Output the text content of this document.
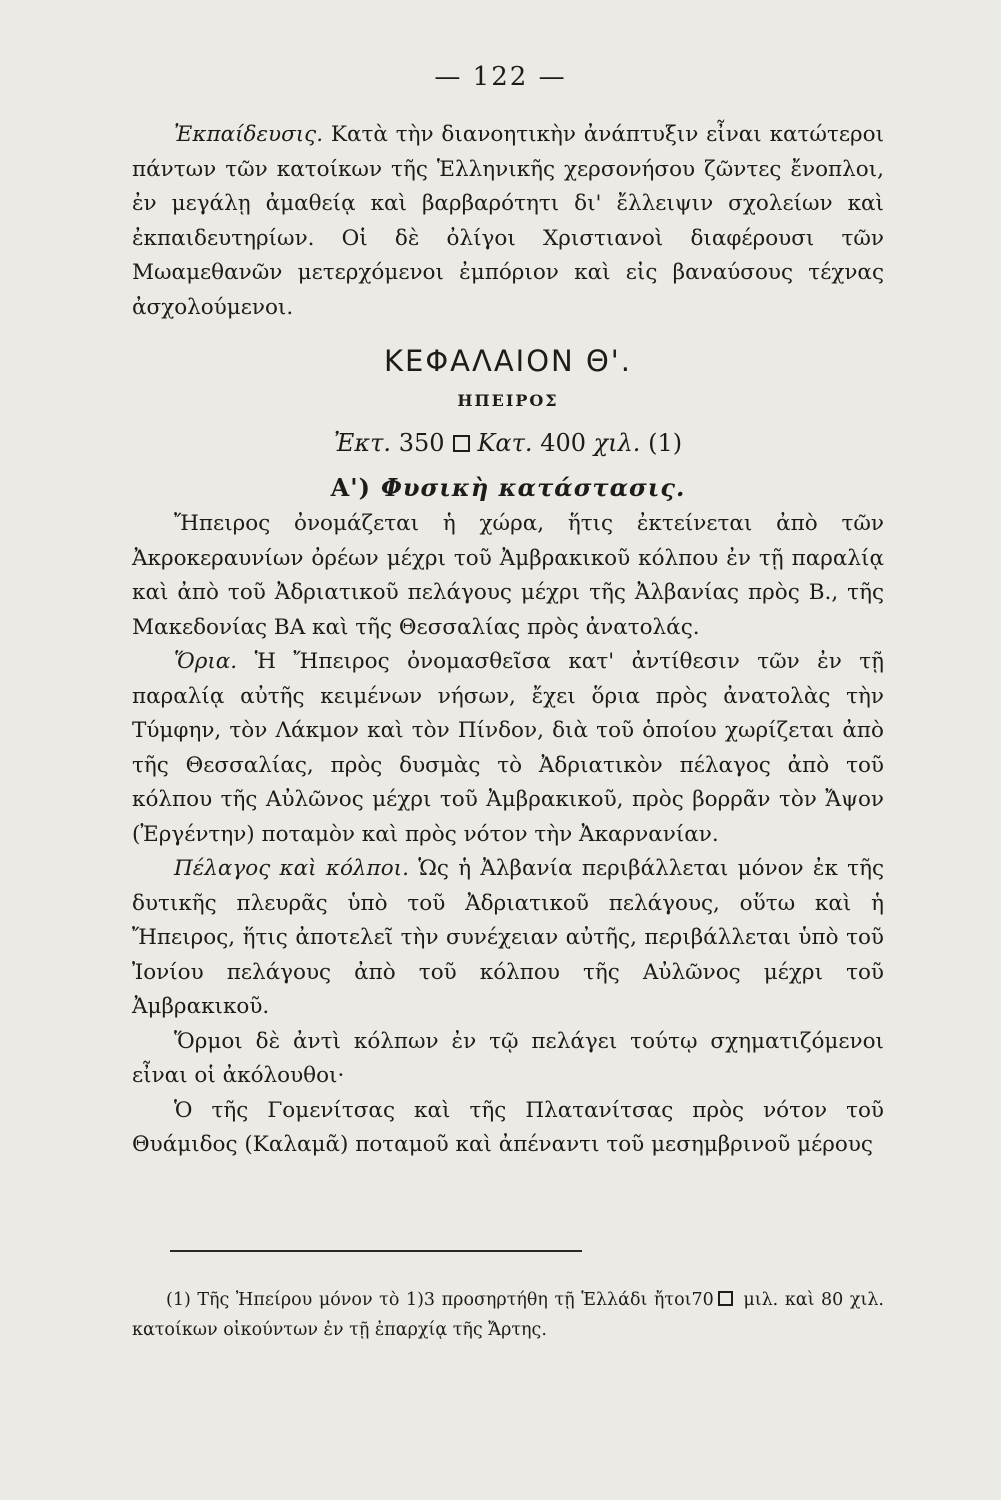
— 122 —

Ἐκπαίδευσις. Κατὰ τὴν διανοητικὴν ἀνάπτυξιν εἶναι κατώτεροι πάντων τῶν κατοίκων τῆς Ἑλληνικῆς χερσονήσου ζῶντες ἔνοπλοι, ἐν μεγάλῃ ἀμαθείᾳ καὶ βαρβαρότητι δι' ἔλλειψιν σχολείων καὶ ἐκπαιδευτηρίων. Οἱ δὲ ὀλίγοι Χριστιανοὶ διαφέρουσι τῶν Μωαμεθανῶν μετερχόμενοι ἐμπόριον καὶ εἰς βαναύσους τέχνας ἀσχολούμενοι.

ΚΕΦΑΛΑΙΟΝ Θ'.
ΗΠΕΙΡΟΣ
Ἐκτ. 350 Κατ. 400 χιλ. (1)
Α') Φυσικὴ κατάστασις.

Ἤπειρος ὀνομάζεται ἡ χώρα, ἥτις ἐκτείνεται ἀπὸ τῶν Ἀκροκεραυνίων ὀρέων μέχρι τοῦ Ἀμβρακικοῦ κόλπου ἐν τῇ παραλίᾳ καὶ ἀπὸ τοῦ Ἀδριατικοῦ πελάγους μέχρι τῆς Ἀλβανίας πρὸς Β., τῆς Μακεδονίας ΒΑ καὶ τῆς Θεσσαλίας πρὸς ἀνατολάς.

Ὅρια. Ἡ Ἤπειρος ὀνομασθεῖσα κατ' ἀντίθεσιν τῶν ἐν τῇ παραλίᾳ αὐτῆς κειμένων νήσων, ἔχει ὅρια πρὸς ἀνατολὰς τὴν Τύμφην, τὸν Λάκμον καὶ τὸν Πίνδον, διὰ τοῦ ὁποίου χωρίζεται ἀπὸ τῆς Θεσσαλίας, πρὸς δυσμὰς τὸ Ἀδριατικὸν πέλαγος ἀπὸ τοῦ κόλπου τῆς Αὐλῶνος μέχρι τοῦ Ἀμβρακικοῦ, πρὸς βορρᾶν τὸν Ἄψον (Ἐργέντην) ποταμὸν καὶ πρὸς νότον τὴν Ἀκαρνανίαν.

Πέλαγος καὶ κόλποι. Ὡς ἡ Ἀλβανία περιβάλλεται μόνον ἐκ τῆς δυτικῆς πλευρᾶς ὑπὸ τοῦ Ἀδριατικοῦ πελάγους, οὕτω καὶ ἡ Ἤπειρος, ἥτις ἀποτελεῖ τὴν συνέχειαν αὐτῆς, περιβάλλεται ὑπὸ τοῦ Ἰονίου πελάγους ἀπὸ τοῦ κόλπου τῆς Αὐλῶνος μέχρι τοῦ Ἀμβρακικοῦ.

Ὅρμοι δὲ ἀντὶ κόλπων ἐν τῷ πελάγει τούτῳ σχηματιζόμενοι εἶναι οἱ ἀκόλουθοι·

Ὁ τῆς Γομενίτσας καὶ τῆς Πλατανίτσας πρὸς νότον τοῦ Θυάμιδος (Καλαμᾶ) ποταμοῦ καὶ ἀπέναντι τοῦ μεσημβρινοῦ μέρους

(1) Τῆς Ἠπείρου μόνον τὸ 1)3 προσηρτήθη τῇ Ἑλλάδι ἤτοι70 μιλ. καὶ 80 χιλ. κατοίκων οἰκούντων ἐν τῇ ἐπαρχίᾳ τῆς Ἄρτης.
